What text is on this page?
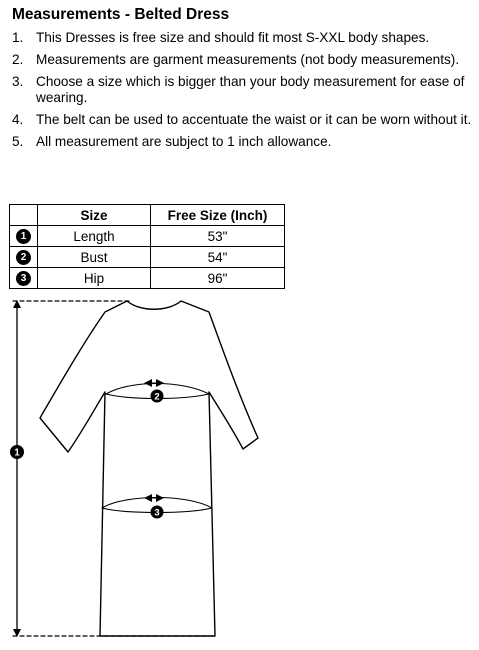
Measurements - Belted Dress
1. This Dresses is free size and should fit most S-XXL body shapes.
2. Measurements are garment measurements (not body measurements).
3. Choose a size which is bigger than your body measurement for ease of wearing.
4. The belt can be used to accentuate the waist or it can be worn without it.
5. All measurement are subject to 1 inch allowance.
	Size	Free Size (Inch)
1	Length	53"
2	Bust	54"
3	Hip	96"
1
2
3
